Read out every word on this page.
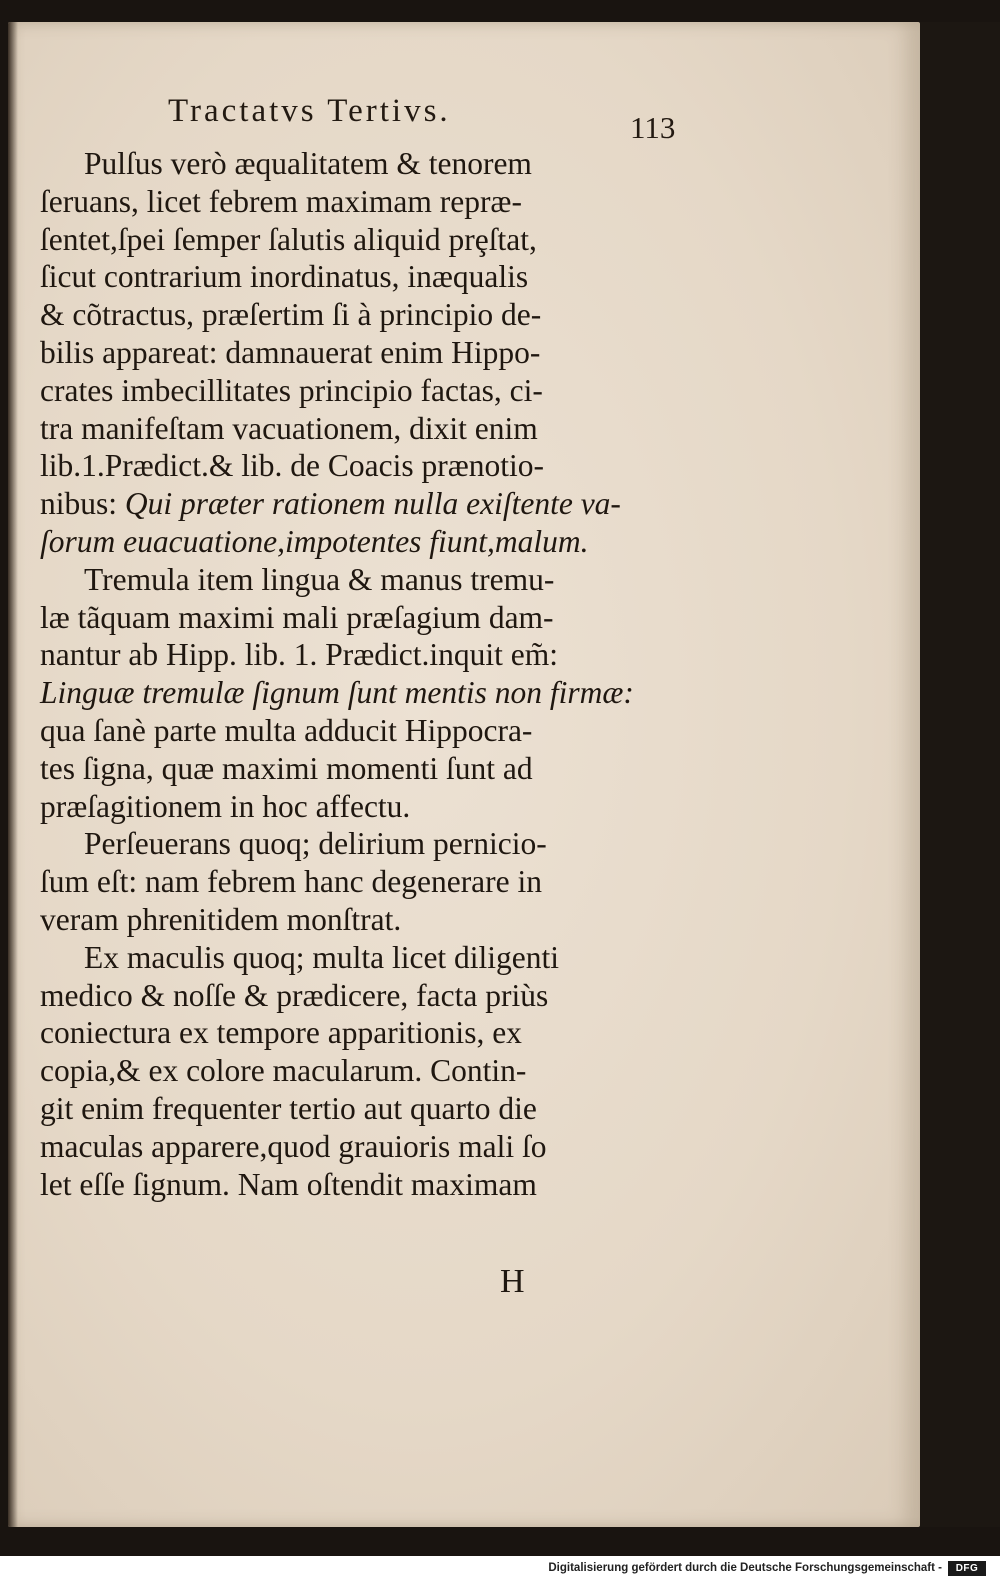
Tractatvs Tertivs.	113
Pulſus verò æqualitatem & tenorem
ſeruans, licet febrem maximam repræ-
ſentet,ſpei ſemper ſalutis aliquid prȩſtat,
ſicut contrarium inordinatus, inæqualis
& cõtractus, præſertim ſi à principio de-
bilis appareat: damnauerat enim Hippo-
crates imbecillitates principio factas, ci-
tra manifeſtam vacuationem, dixit enim
lib.1.Prædict.& lib. de Coacis prænotio-
nibus: Qui præter rationem nulla exiſtente va-
ſorum euacuatione,impotentes fiunt,malum.
Tremula item lingua & manus tremu-
læ tãquam maximi mali præſagium dam-
nantur ab Hipp. lib. 1. Prædict.inquit em̃:
Linguæ tremulæ ſignum ſunt mentis non firmæ:
qua ſanè parte multa adducit Hippocra-
tes ſigna, quæ maximi momenti ſunt ad
præſagitionem in hoc affectu.
Perſeuerans quoq; delirium pernicio-
ſum eſt: nam febrem hanc degenerare in
veram phrenitidem monſtrat.
Ex maculis quoq; multa licet diligenti
medico & noſſe & prædicere, facta priùs
coniectura ex tempore apparitionis, ex
copia,& ex colore macularum. Contin-
git enim frequenter tertio aut quarto die
maculas apparere,quod grauioris mali ſo
let eſſe ſignum. Nam oſtendit maximam
H
Digitalisierung gefördert durch die Deutsche Forschungsgemeinschaft -	DFG
